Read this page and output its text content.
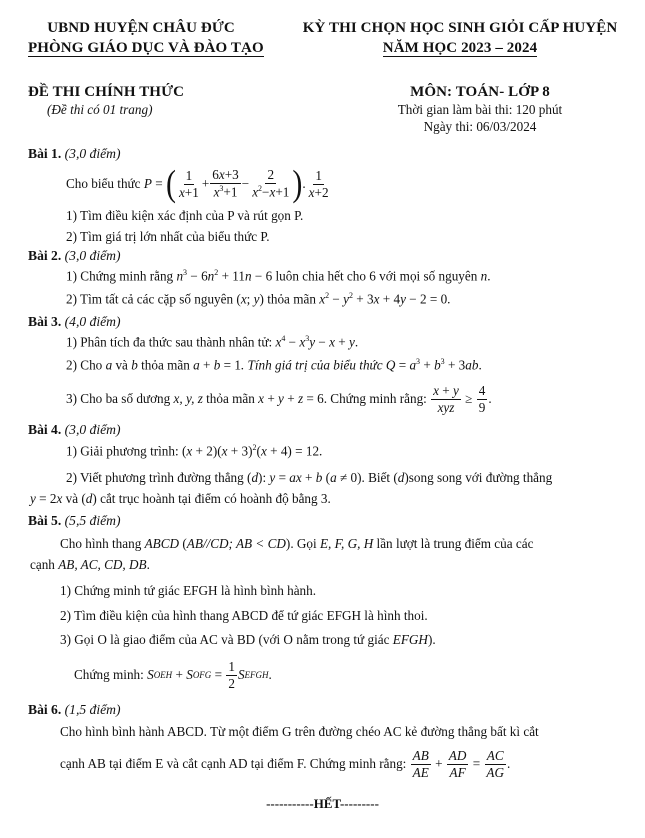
UBND HUYỆN CHÂU ĐỨC
PHÒNG GIÁO DỤC VÀ ĐÀO TẠO
KỲ THI CHỌN HỌC SINH GIỎI CẤP HUYỆN
NĂM HỌC 2023 – 2024
ĐỀ THI CHÍNH THỨC
(Đề thi có 01 trang)
MÔN: TOÁN- LỚP 8
Thời gian làm bài thi: 120 phút
Ngày thi: 06/03/2024
Bài 1. (3,0 điểm)
Cho biểu thức
P = ( $\frac{1}{x+1} + \frac{6x+3}{x^3+1} - \frac{2}{x^2-x+1}$ ) . $\frac{1}{x+2}$
1) Tìm điều kiện xác định của P và rút gọn P.
2) Tìm giá trị lớn nhất của biểu thức P.
Bài 2. (3,0 điểm)
1) Chứng minh rằng $n^3 - 6n^2 + 11n - 6$ luôn chia hết cho 6 với mọi số nguyên n.
2) Tìm tất cả các cặp số nguyên (x; y) thỏa mãn $x^2 - y^2 + 3x + 4y - 2 = 0$.
Bài 3. (4,0 điểm)
1) Phân tích đa thức sau thành nhân tử: $x^4 - x^3y - x + y$.
2) Cho a và b thỏa mãn a + b = 1. Tính giá trị của biểu thức $Q = a^3 + b^3 + 3ab$.
3) Cho ba số dương
x, y, z
thỏa mãn
x + y + z = 6 . Chứng minh rằng:
$\frac{x + y}{\text{xyz}} \ge \frac{4}{9}$ .
Bài 4. (3,0 điểm)
1) Giải phương trình: $(x + 2)(x + 3)^2(x + 4) = 12$.
2) Viết phương trình đường thẳng (d): y = ax + b (a ≠ 0). Biết (d)song song với đường thẳng
y = 2x và (d) cắt trục hoành tại điểm có hoành độ bằng 3.
Bài 5. (5,5 điểm)
Cho hình thang ABCD (AB//CD; AB < CD). Gọi E, F, G, H lần lượt là trung điểm của các
cạnh AB, AC, CD, DB.
1) Chứng minh tứ giác EFGH là hình bình hành.
2) Tìm điều kiện của hình thang ABCD để tứ giác EFGH là hình thoi.
3) Gọi O là giao điểm của AC và BD (với O nằm trong tứ giác EFGH).
Chứng minh:
S OEH + S OFG = $\frac{1}{2}$ S EFGH .
Bài 6. (1,5 điểm)
Cho hình bình hành ABCD. Từ một điểm G trên đường chéo AC kẻ đường thẳng bất kì cắt
cạnh AB tại điểm E và cắt cạnh AD tại điểm F. Chứng minh rằng:
$\frac{AB}{AE} + \frac{AD}{AF} = \frac{AC}{AG}$ .
-----------HẾT---------
